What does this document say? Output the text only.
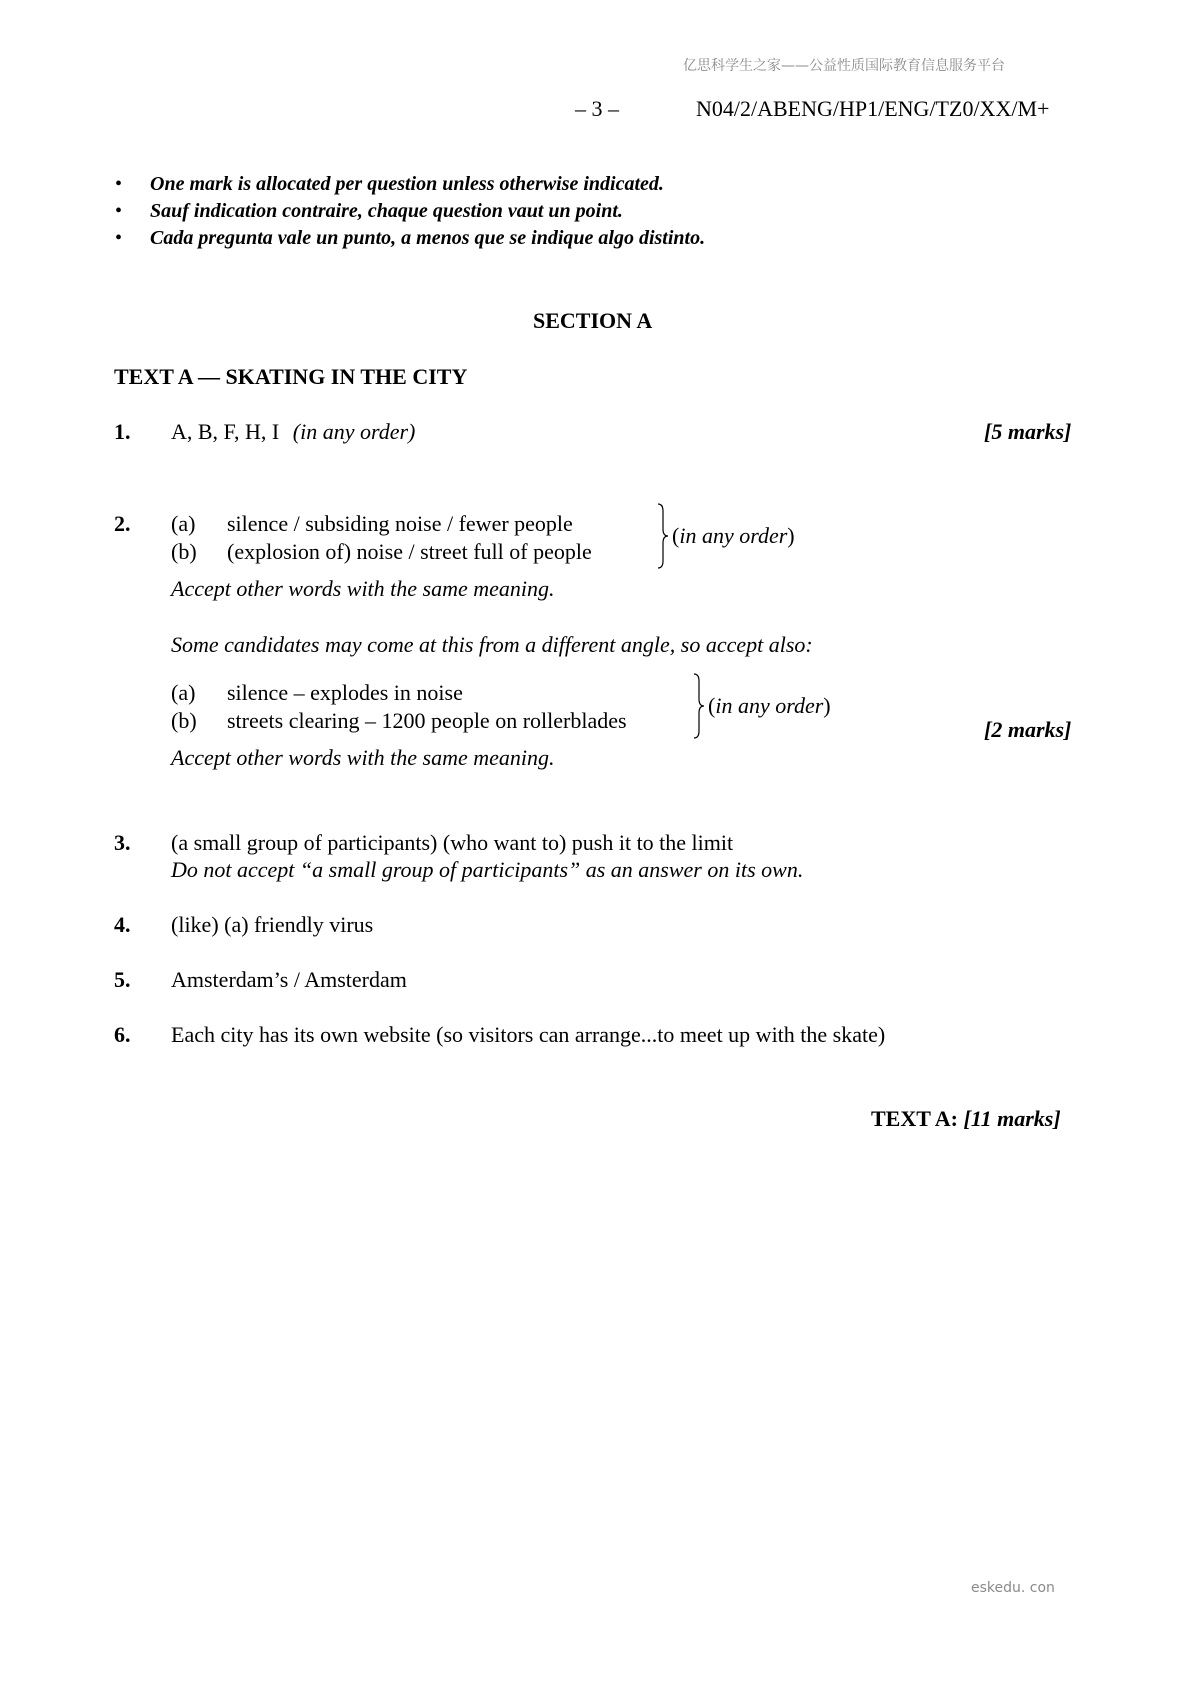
亿思科学生之家——公益性质国际教育信息服务平台
– 3 –	N04/2/ABENG/HP1/ENG/TZ0/XX/M+
• One mark is allocated per question unless otherwise indicated.
• Sauf indication contraire, chaque question vaut un point.
• Cada pregunta vale un punto, a menos que se indique algo distinto.
SECTION A
TEXT A — SKATING IN THE CITY
1. A, B, F, H, I (in any order)	[5 marks]
2. (a) silence / subsiding noise / fewer people
(b) (explosion of) noise / street full of people
(in any order)
Accept other words with the same meaning.
Some candidates may come at this from a different angle, so accept also:
(a) silence – explodes in noise
(b) streets clearing – 1200 people on rollerblades
(in any order)
Accept other words with the same meaning.
[2 marks]
3. (a small group of participants) (who want to) push it to the limit
Do not accept “a small group of participants” as an answer on its own.
4. (like) (a) friendly virus
5. Amsterdam’s / Amsterdam
6. Each city has its own website (so visitors can arrange...to meet up with the skate)
TEXT A: [11 marks]
eskedu. con
